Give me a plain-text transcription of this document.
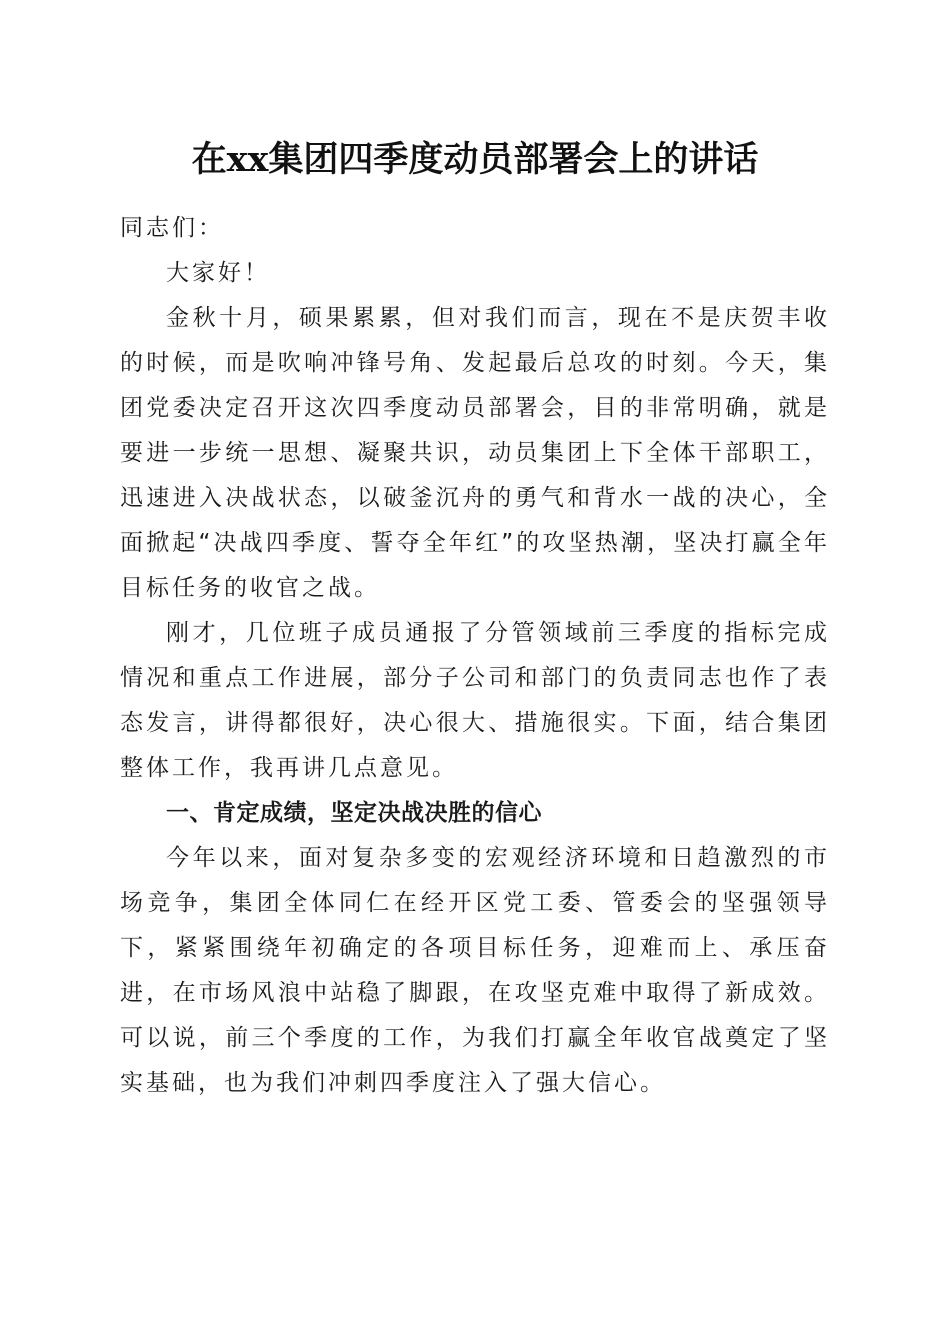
在xx集团四季度动员部署会上的讲话

同志们：

大家好！

金秋十月，硕果累累，但对我们而言，现在不是庆贺丰收的时候，而是吹响冲锋号角、发起最后总攻的时刻。今天，集团党委决定召开这次四季度动员部署会，目的非常明确，就是要进一步统一思想、凝聚共识，动员集团上下全体干部职工，迅速进入决战状态，以破釜沉舟的勇气和背水一战的决心，全面掀起“决战四季度、誓夺全年红”的攻坚热潮，坚决打赢全年目标任务的收官之战。

刚才，几位班子成员通报了分管领域前三季度的指标完成情况和重点工作进展，部分子公司和部门的负责同志也作了表态发言，讲得都很好，决心很大、措施很实。下面，结合集团整体工作，我再讲几点意见。

一、肯定成绩，坚定决战决胜的信心

今年以来，面对复杂多变的宏观经济环境和日趋激烈的市场竞争，集团全体同仁在经开区党工委、管委会的坚强领导下，紧紧围绕年初确定的各项目标任务，迎难而上、承压奋进，在市场风浪中站稳了脚跟，在攻坚克难中取得了新成效。可以说，前三个季度的工作，为我们打赢全年收官战奠定了坚实基础，也为我们冲刺四季度注入了强大信心。
